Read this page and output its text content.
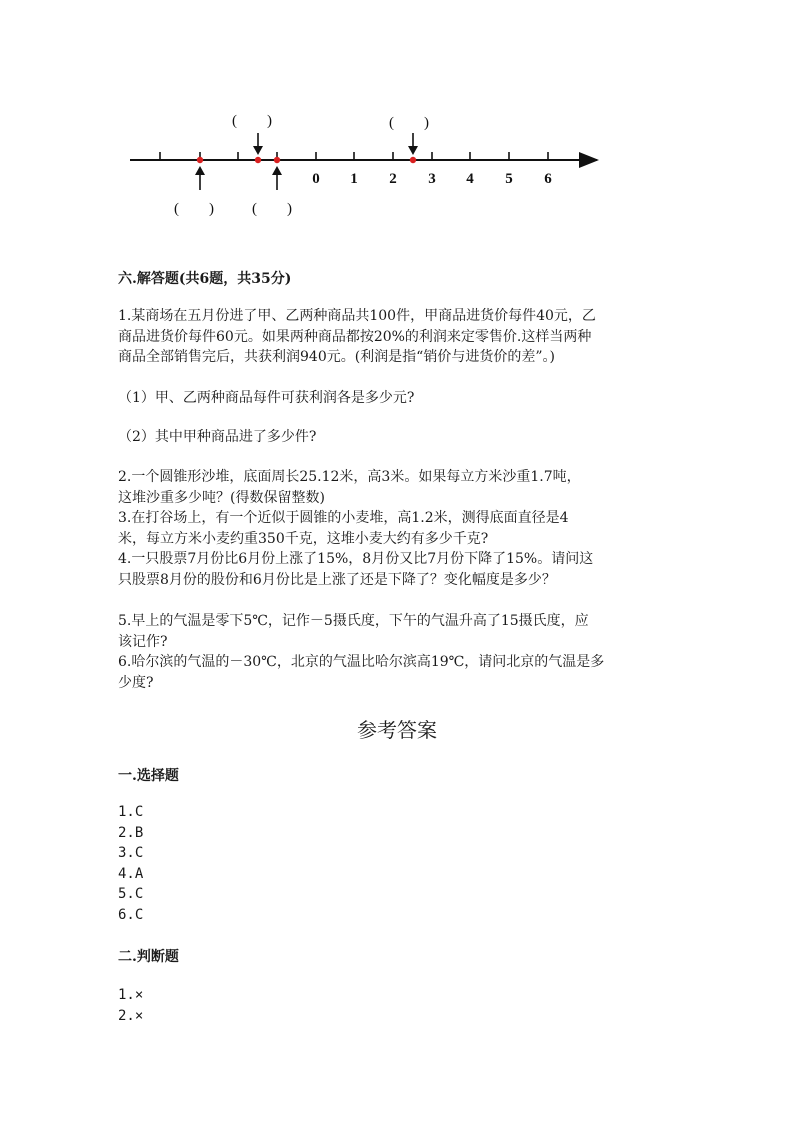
0 1 2 3 4 5 6
(　　)	(　　)
(　　)	(　　)
六.解答题(共6题，共35分)

1.某商场在五月份进了甲、乙两种商品共100件，甲商品进货价每件40元，乙

商品进货价每件60元。如果两种商品都按20%的利润来定零售价.这样当两种

商品全部销售完后，共获利润940元。(利润是指“销价与进货价的差”。)

（1）甲、乙两种商品每件可获利润各是多少元?
（2）其中甲种商品进了多少件?

2.一个圆锥形沙堆，底面周长25.12米，高3米。如果每立方米沙重1.7吨，

这堆沙重多少吨？(得数保留整数)

3.在打谷场上，有一个近似于圆锥的小麦堆，高1.2米，测得底面直径是4

米，每立方米小麦约重350千克，这堆小麦大约有多少千克?

4.一只股票7月份比6月份上涨了15%，8月份又比7月份下降了15%。请问这

只股票8月份的股份和6月份比是上涨了还是下降了？变化幅度是多少？

5.早上的气温是零下5℃，记作－5摄氏度，下午的气温升高了15摄氏度，应

该记作?

6.哈尔滨的气温的－30℃，北京的气温比哈尔滨高19℃，请问北京的气温是多

少度?

参考答案
一.选择题
1.C
2.B
3.C
4.A
5.C
6.C
二.判断题
1.×
2.×
